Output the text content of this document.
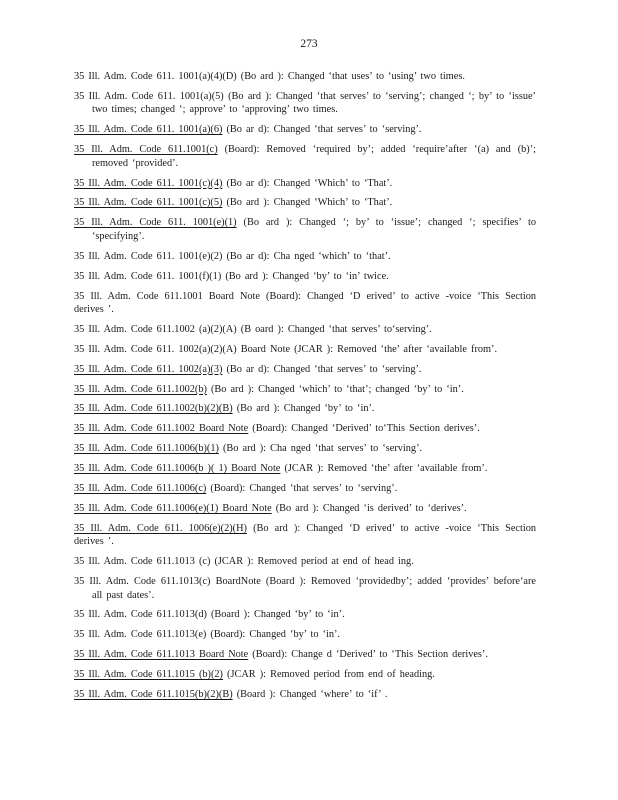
273

35 Ill. Adm. Code 611. 1001(a)(4)(D) (Bo ard ): Changed ‘that uses’ to ‘using’ two times.

35 Ill. Adm. Code 611. 1001(a)(5) (Bo ard ): Changed ‘that serves’ to ‘serving’; changed ‘; by’ to ‘issue’ two times; changed ‘; approve’ to ‘approving’ two times.

35 Ill. Adm. Code 611. 1001(a)(6) (Bo ar d): Changed ‘that serves’ to ‘serving’.

35 Ill. Adm. Code 611.1001(c) (Board): Removed ‘required by’; added ‘require’after ‘(a) and (b)’; removed ‘provided’.

35 Ill. Adm. Code 611. 1001(c)(4) (Bo ar d): Changed ‘Which’ to ‘That’.

35 Ill. Adm. Code 611. 1001(c)(5) (Bo ard ): Changed ‘Which’ to ‘That’.

35 Ill. Adm. Code 611. 1001(e)(1) (Bo ard ): Changed ‘; by’ to ‘issue’; changed ‘; specifies’ to ‘specifying’.

35 Ill. Adm. Code 611. 1001(e)(2) (Bo ar d): Cha nged ‘which’ to ‘that’.

35 Ill. Adm. Code 611. 1001(f)(1) (Bo ard ): Changed ‘by’ to ‘in’ twice.

35 Ill. Adm. Code 611.1001 Board Note (Board): Changed ‘D erived’ to active -voice ‘This Section derives ’.

35 Ill. Adm. Code 611.1002 (a)(2)(A) (B oard ): Changed ‘that serves’ to‘serving’.

35 Ill. Adm. Code 611. 1002(a)(2)(A) Board Note (JCAR ): Removed ‘the’ after ‘available from’.

35 Ill. Adm. Code 611. 1002(a)(3) (Bo ar d): Changed ‘that serves’ to ‘serving’.

35 Ill. Adm. Code 611.1002(b) (Bo ard ): Changed ‘which’ to ‘that’; changed ‘by’ to ‘in’.

35 Ill. Adm. Code 611.1002(b)(2)(B) (Bo ard ): Changed ‘by’ to ‘in’.

35 Ill. Adm. Code 611.1002 Board Note (Board): Changed ‘Derived’ to‘This Section derives’.

35 Ill. Adm. Code 611.1006(b)(1) (Bo ard ): Cha nged ‘that serves’ to ‘serving’.

35 Ill. Adm. Code 611.1006(b )( 1) Board Note (JCAR ): Removed ‘the’ after ‘available from’.

35 Ill. Adm. Code 611.1006(c) (Board): Changed ‘that serves’ to ‘serving’.

35 Ill. Adm. Code 611.1006(e)(1) Board Note (Bo ard ): Changed ‘is derived’ to ‘derives’.

35 Ill. Adm. Code 611. 1006(e)(2)(H) (Bo ard ): Changed ‘D erived’ to active -voice ‘This Section derives ’.

35 Ill. Adm. Code 611.1013 (c) (JCAR ): Removed period at end of head ing.

35 Ill. Adm. Code 611.1013(c) BoardNote (Board ): Removed ‘providedby’; added ‘provides’ before‘are all past dates’.

35 Ill. Adm. Code 611.1013(d) (Board ): Changed ‘by’ to ‘in’.

35 Ill. Adm. Code 611.1013(e) (Board): Changed ‘by’ to ‘in’.

35 Ill. Adm. Code 611.1013 Board Note (Board): Change d ‘Derived’ to ‘This Section derives’.

35 Ill. Adm. Code 611.1015 (b)(2) (JCAR ): Removed period from end of heading.

35 Ill. Adm. Code 611.1015(b)(2)(B) (Board ): Changed ‘where’ to ‘if’ .
